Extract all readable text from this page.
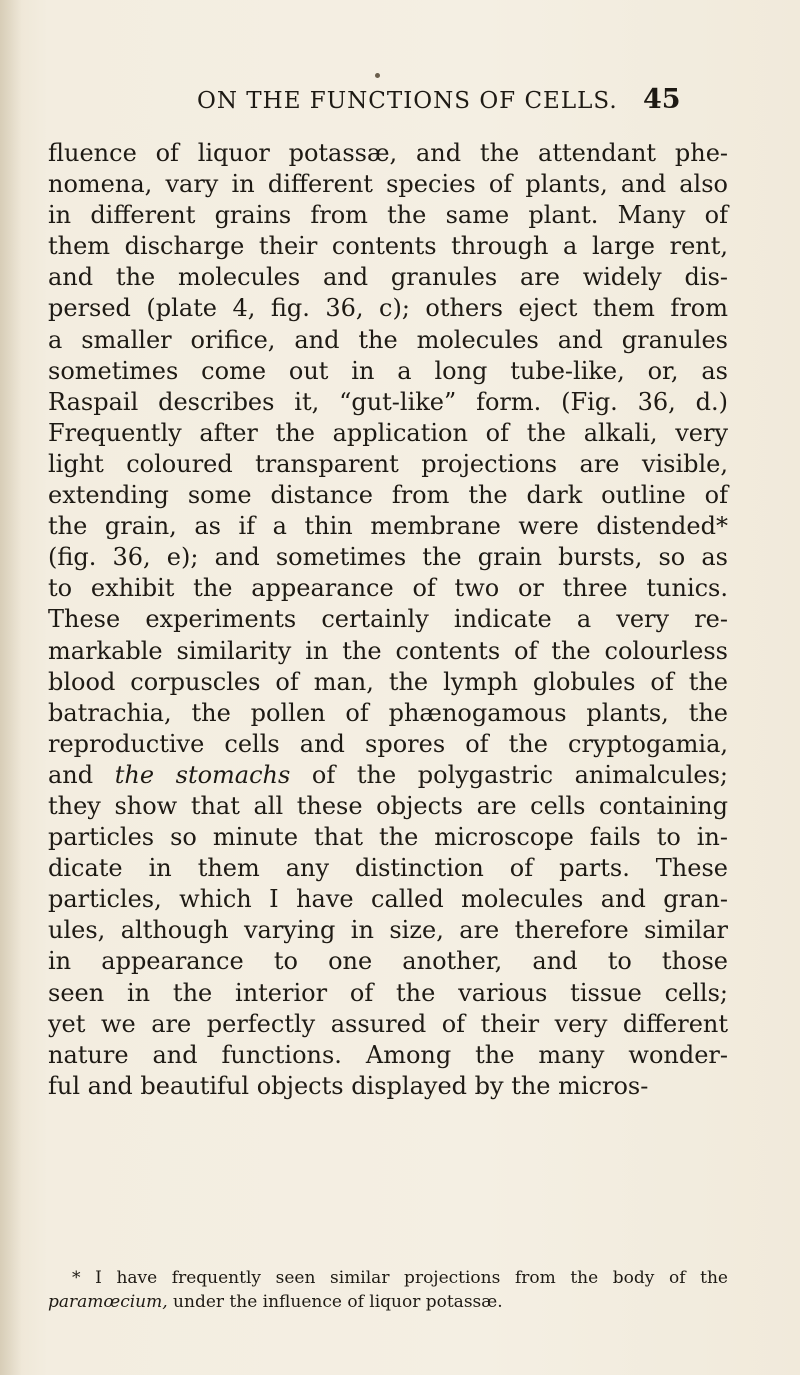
ON THE FUNCTIONS OF CELLS. 45
fluence of liquor potassæ, and the attendant phe-
nomena, vary in different species of plants, and also
in different grains from the same plant. Many of
them discharge their contents through a large rent,
and the molecules and granules are widely dis-
persed (plate 4, fig. 36, c); others eject them from
a smaller orifice, and the molecules and granules
sometimes come out in a long tube-like, or, as
Raspail describes it, “gut-like” form. (Fig. 36, d.)
Frequently after the application of the alkali, very
light coloured transparent projections are visible,
extending some distance from the dark outline of
the grain, as if a thin membrane were distended*
(fig. 36, e); and sometimes the grain bursts, so as
to exhibit the appearance of two or three tunics.
These experiments certainly indicate a very re-
markable similarity in the contents of the colourless
blood corpuscles of man, the lymph globules of the
batrachia, the pollen of phænogamous plants, the
reproductive cells and spores of the cryptogamia,
and the stomachs of the polygastric animalcules;
they show that all these objects are cells containing
particles so minute that the microscope fails to in-
dicate in them any distinction of parts. These
particles, which I have called molecules and gran-
ules, although varying in size, are therefore similar
in appearance to one another, and to those
seen in the interior of the various tissue cells;
yet we are perfectly assured of their very different
nature and functions. Among the many wonder-
ful and beautiful objects displayed by the micros-
* I have frequently seen similar projections from the body of the
paramœcium, under the influence of liquor potassæ.
